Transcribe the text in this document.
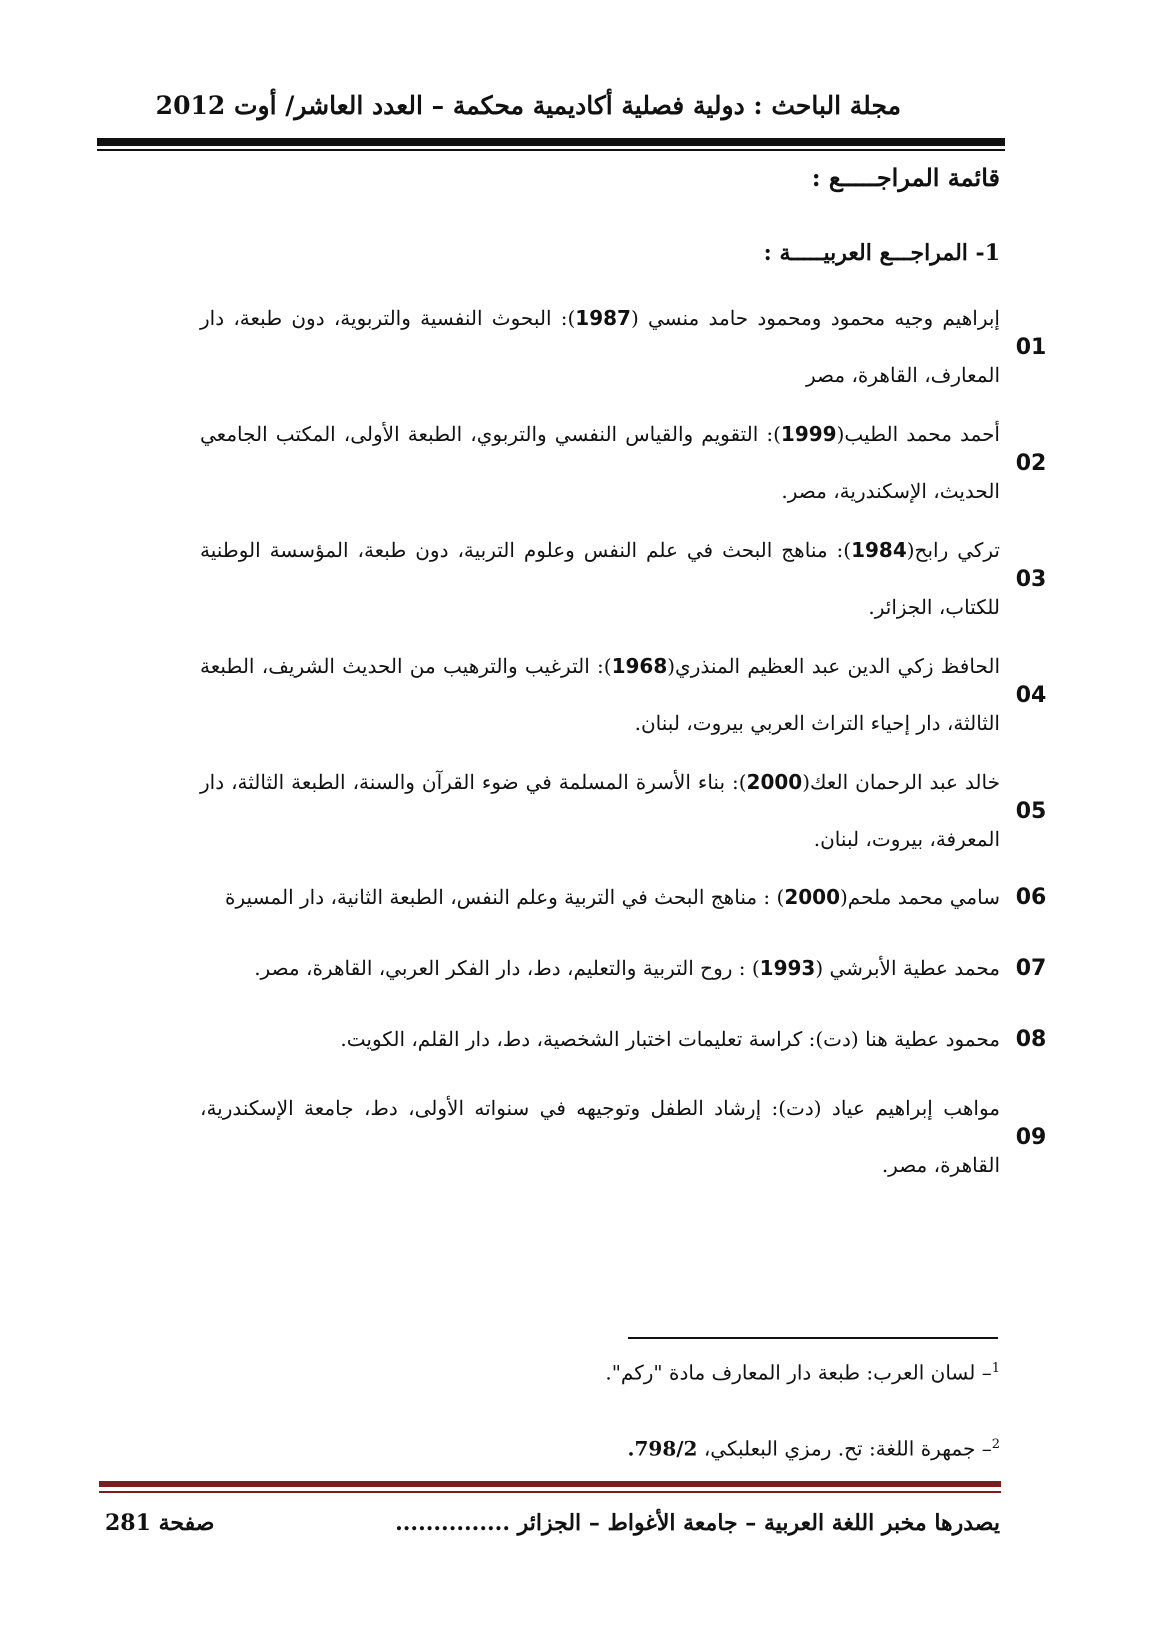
مجلة الباحث : دولية فصلية أكاديمية محكمة – العدد العاشر/ أوت 2012
قائمة المراجـــــع :
1- المراجـــع العربيـــــة :
إبراهيم وجيه محمود ومحمود حامد منسي (1987): البحوث النفسية والتربوية، دون طبعة، دار المعارف، القاهرة، مصر
01
أحمد محمد الطيب(1999): التقويم والقياس النفسي والتربوي، الطبعة الأولى، المكتب الجامعي الحديث، الإسكندرية، مصر.
02
تركي رابح(1984): مناهج البحث في علم النفس وعلوم التربية، دون طبعة، المؤسسة الوطنية للكتاب، الجزائر.
03
الحافظ زكي الدين عبد العظيم المنذري(1968): الترغيب والترهيب من الحديث الشريف، الطبعة الثالثة، دار إحياء التراث العربي بيروت، لبنان.
04
خالد عبد الرحمان العك(2000): بناء الأسرة المسلمة في ضوء القرآن والسنة، الطبعة الثالثة، دار المعرفة، بيروت، لبنان.
05
سامي محمد ملحم(2000) : مناهج البحث في التربية وعلم النفس، الطبعة الثانية، دار المسيرة	06
محمد عطية الأبرشي (1993) : روح التربية والتعليم، دط، دار الفكر العربي، القاهرة، مصر.	07
محمود عطية هنا (دت): كراسة تعليمات اختبار الشخصية، دط، دار القلم، الكويت. 08
مواهب إبراهيم عياد (دت): إرشاد الطفل وتوجيهه في سنواته الأولى، دط، جامعة الإسكندرية، القاهرة، مصر.
09
$^1$– لسان العرب: طبعة دار المعارف مادة "ركم".
$^2$– جمهرة اللغة: تح. رمزي البعلبكي، 798/2.
يصدرها مخبر اللغة العربية – جامعة الأغواط – الجزائر ...............
صفحة 281
